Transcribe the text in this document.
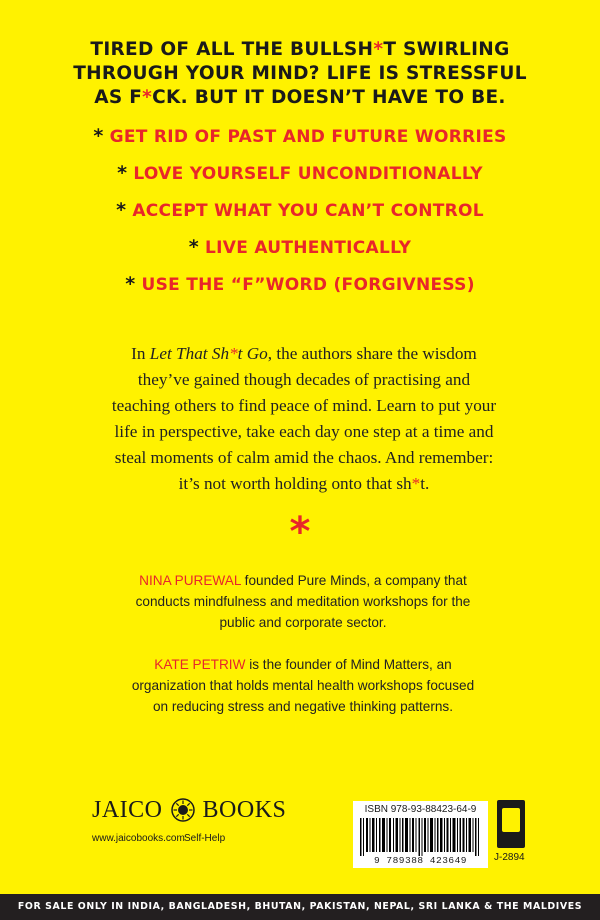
TIRED OF ALL THE BULLSH*T SWIRLING
THROUGH YOUR MIND? LIFE IS STRESSFUL
AS F*CK. BUT IT DOESN’T HAVE TO BE.
* GET RID OF PAST AND FUTURE WORRIES
* LOVE YOURSELF UNCONDITIONALLY
* ACCEPT WHAT YOU CAN’T CONTROL
* LIVE AUTHENTICALLY
* USE THE “F”WORD (FORGIVNESS)
In Let That Sh*t Go, the authors share the wisdom they’ve gained though decades of practising and teaching others to find peace of mind. Learn to put your life in perspective, take each day one step at a time and steal moments of calm amid the chaos. And remember: it’s not worth holding onto that sh*t.
*
NINA PUREWAL founded Pure Minds, a company that conducts mindfulness and meditation workshops for the public and corporate sector.
KATE PETRIW is the founder of Mind Matters, an organization that holds mental health workshops focused on reducing stress and negative thinking patterns.
JAICO BOOKS
www.jaicobooks.com Self-Help
ISBN 978-93-88423-64-9
9 789388 423649	J-2894
FOR SALE ONLY IN INDIA, BANGLADESH, BHUTAN, PAKISTAN, NEPAL, SRI LANKA & THE MALDIVES
